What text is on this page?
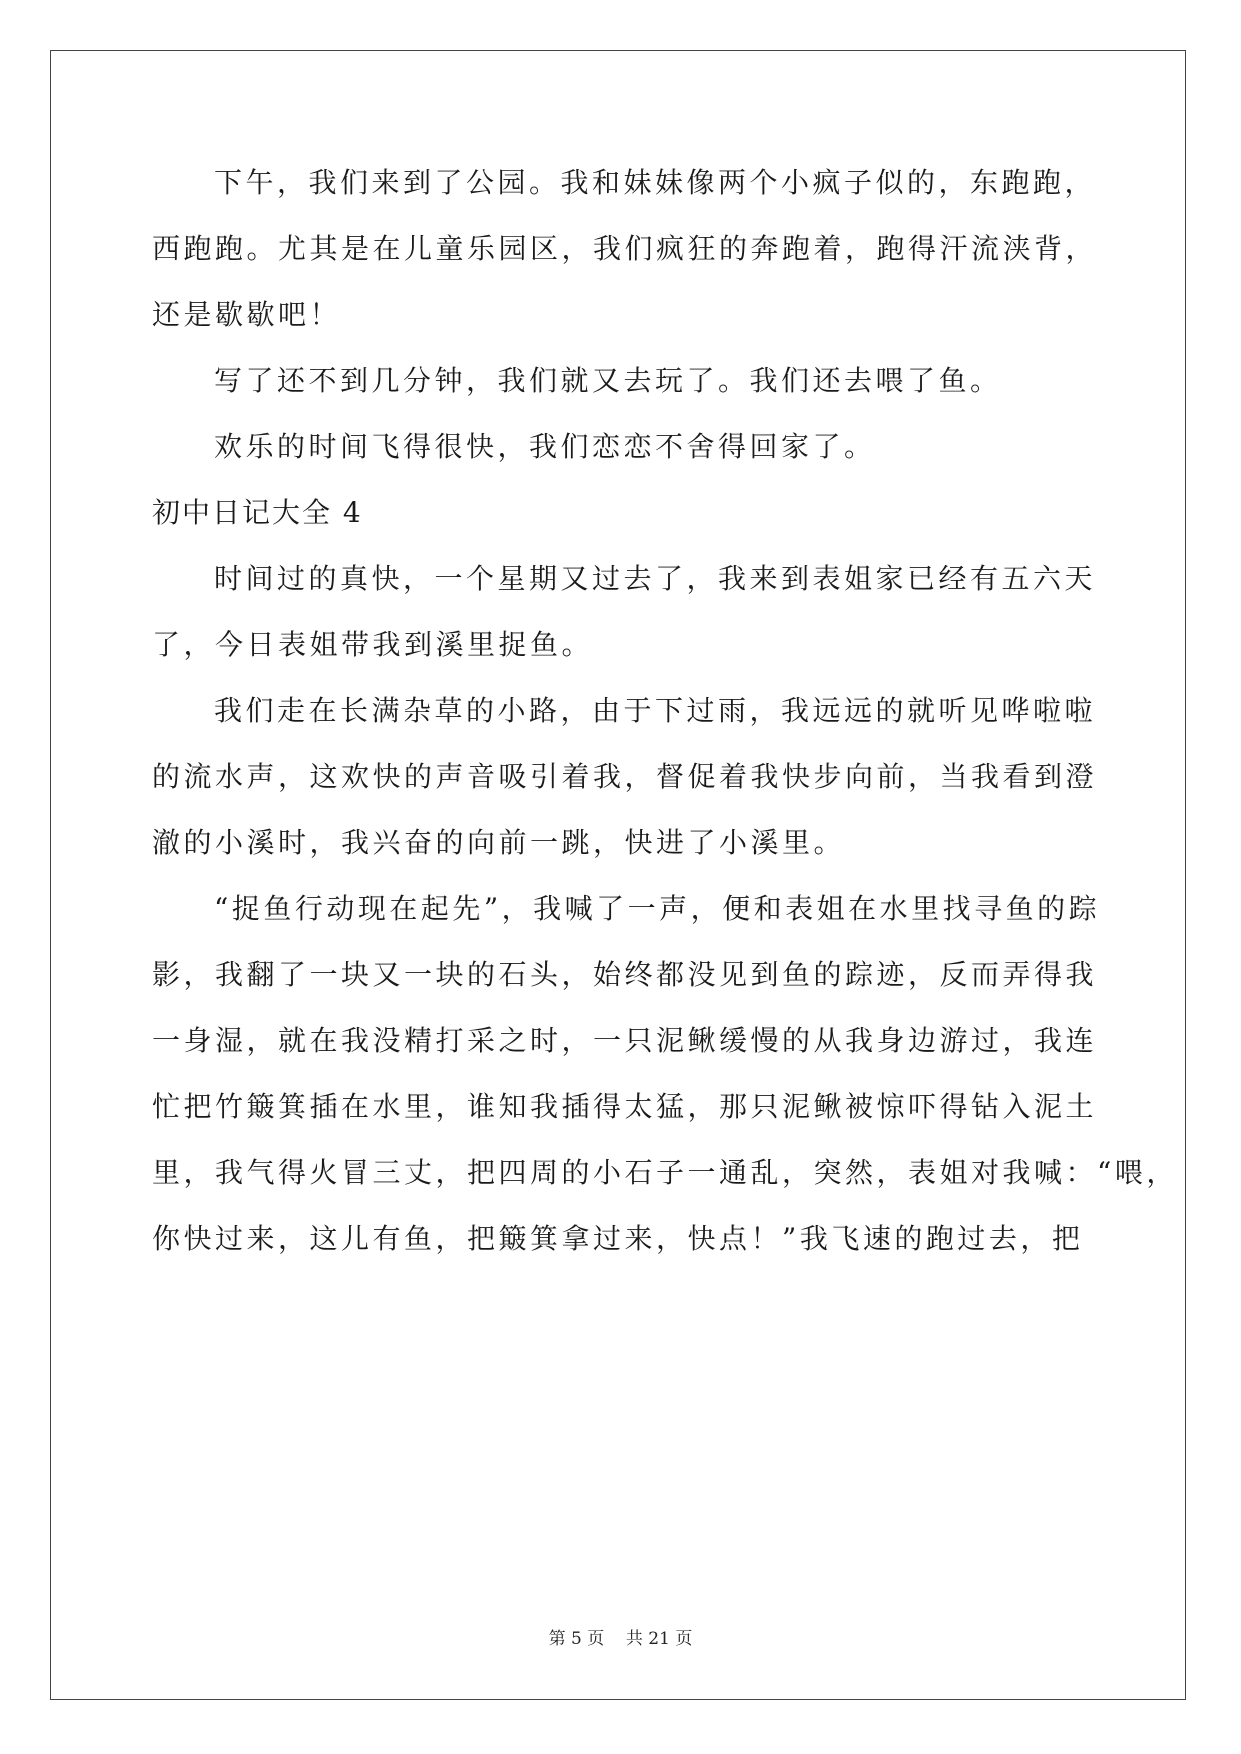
下午，我们来到了公园。我和妹妹像两个小疯子似的，东跑跑，
西跑跑。尤其是在儿童乐园区，我们疯狂的奔跑着，跑得汗流浃背，
还是歇歇吧！
写了还不到几分钟，我们就又去玩了。我们还去喂了鱼。
欢乐的时间飞得很快，我们恋恋不舍得回家了。
初中日记大全 4
时间过的真快，一个星期又过去了，我来到表姐家已经有五六天
了，今日表姐带我到溪里捉鱼。
我们走在长满杂草的小路，由于下过雨，我远远的就听见哗啦啦
的流水声，这欢快的声音吸引着我，督促着我快步向前，当我看到澄
澈的小溪时，我兴奋的向前一跳，快进了小溪里。
“捉鱼行动现在起先”，我喊了一声，便和表姐在水里找寻鱼的踪
影，我翻了一块又一块的石头，始终都没见到鱼的踪迹，反而弄得我
一身湿，就在我没精打采之时，一只泥鳅缓慢的从我身边游过，我连
忙把竹簸箕插在水里，谁知我插得太猛，那只泥鳅被惊吓得钻入泥土
里，我气得火冒三丈，把四周的小石子一通乱，突然，表姐对我喊：“喂，
你快过来，这儿有鱼，把簸箕拿过来，快点！”我飞速的跑过去，把
第 5 页 共 21 页
